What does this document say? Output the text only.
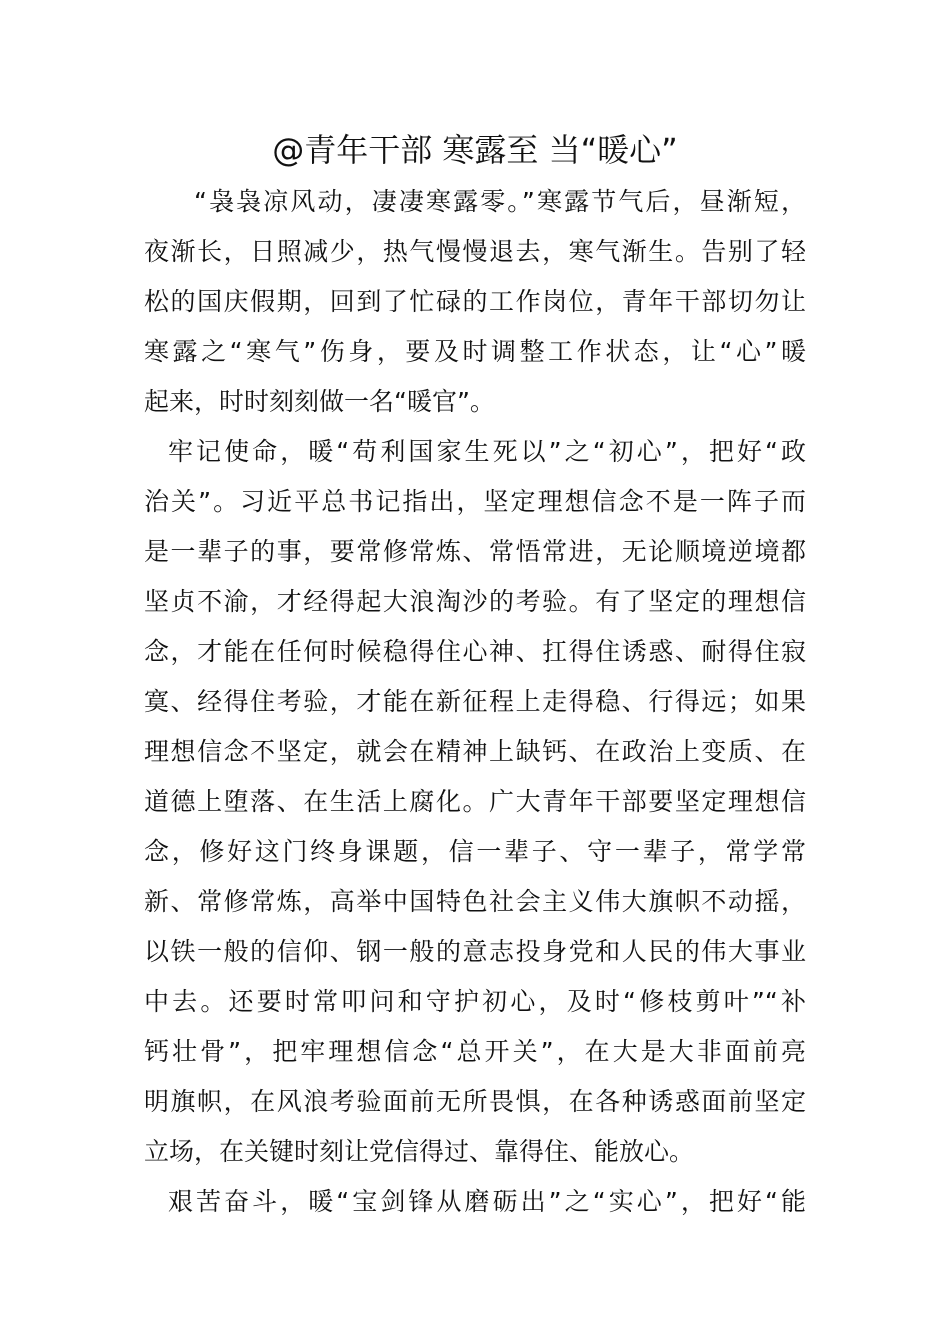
@青年干部 寒露至 当“暖心”
“袅袅凉风动，凄凄寒露零。”寒露节气后，昼渐短，
夜渐长，日照减少，热气慢慢退去，寒气渐生。告别了轻
松的国庆假期，回到了忙碌的工作岗位，青年干部切勿让
寒露之“寒气”伤身，要及时调整工作状态，让“心”暖
起来，时时刻刻做一名“暖官”。
牢记使命，暖“苟利国家生死以”之“初心”，把好“政
治关”。习近平总书记指出，坚定理想信念不是一阵子而
是一辈子的事，要常修常炼、常悟常进，无论顺境逆境都
坚贞不渝，才经得起大浪淘沙的考验。有了坚定的理想信
念，才能在任何时候稳得住心神、扛得住诱惑、耐得住寂
寞、经得住考验，才能在新征程上走得稳、行得远；如果
理想信念不坚定，就会在精神上缺钙、在政治上变质、在
道德上堕落、在生活上腐化。广大青年干部要坚定理想信
念，修好这门终身课题，信一辈子、守一辈子，常学常
新、常修常炼，高举中国特色社会主义伟大旗帜不动摇，
以铁一般的信仰、钢一般的意志投身党和人民的伟大事业
中去。还要时常叩问和守护初心，及时“修枝剪叶”“补
钙壮骨”，把牢理想信念“总开关”，在大是大非面前亮
明旗帜，在风浪考验面前无所畏惧，在各种诱惑面前坚定
立场，在关键时刻让党信得过、靠得住、能放心。
艰苦奋斗，暖“宝剑锋从磨砺出”之“实心”，把好“能
